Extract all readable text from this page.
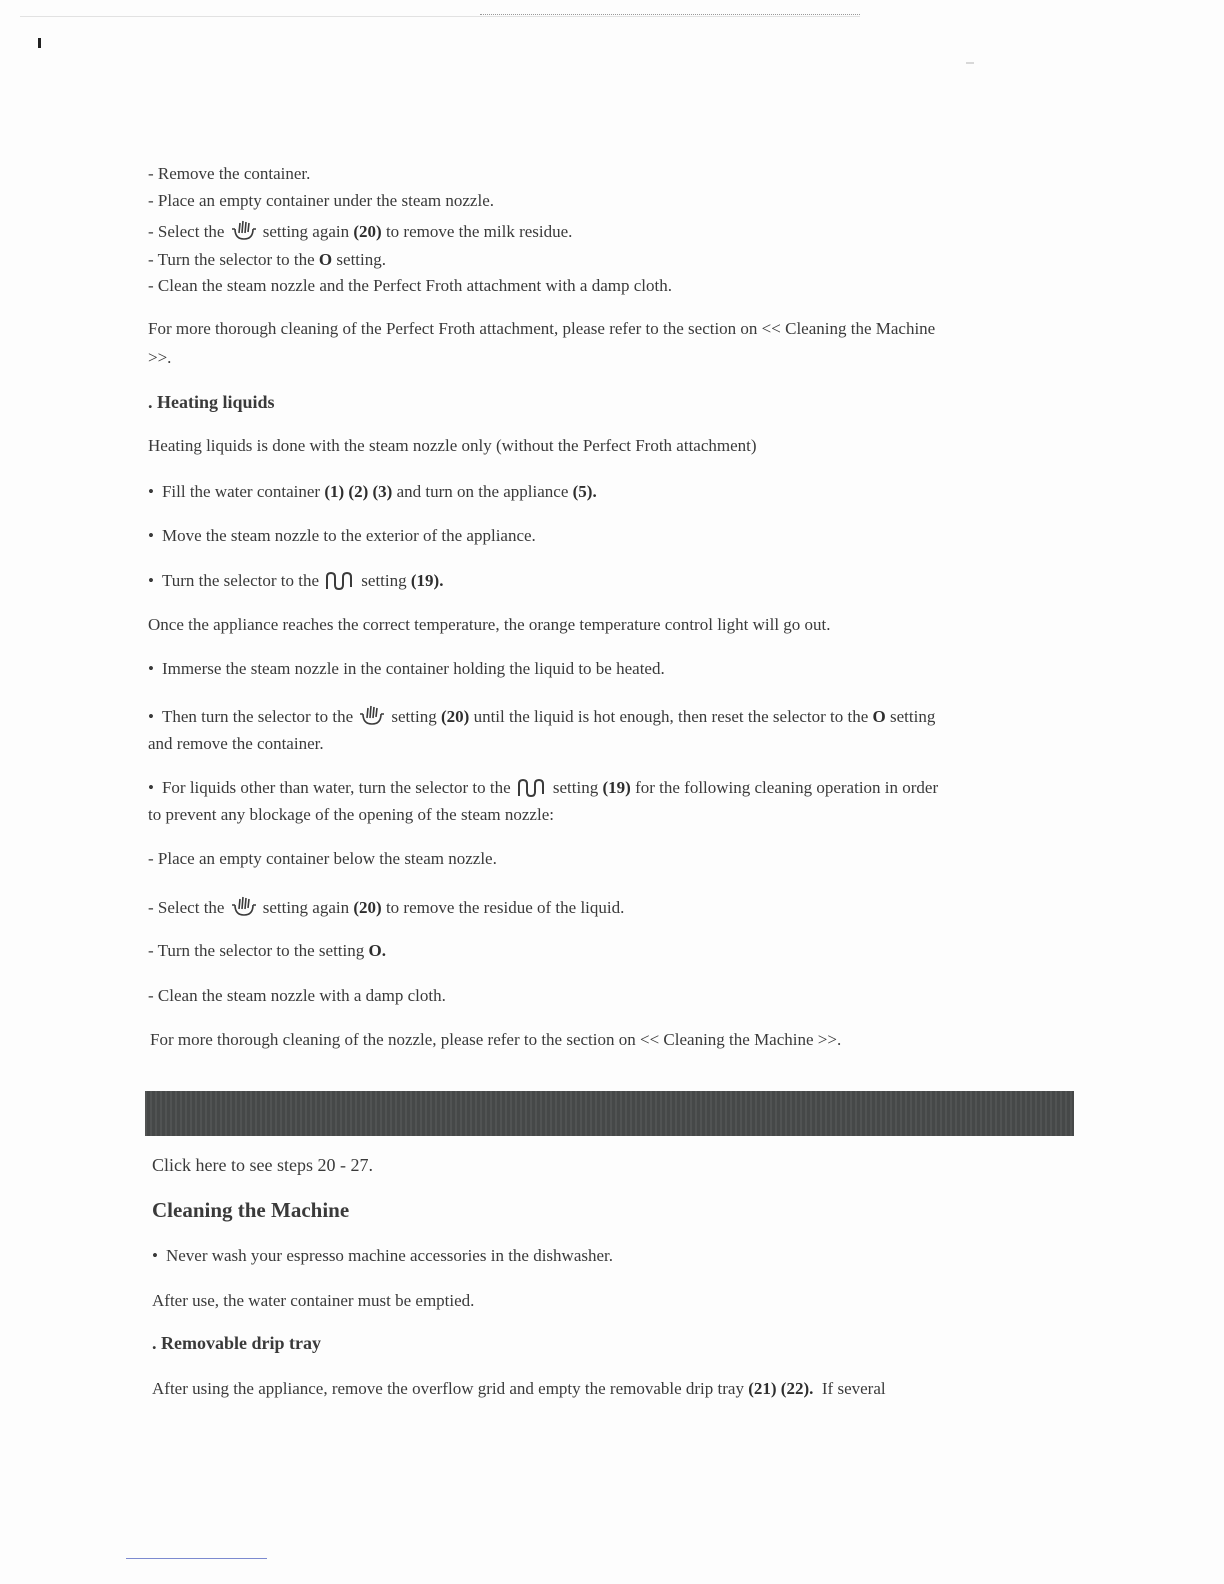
- Remove the container.

- Place an empty container under the steam nozzle.

- Select the setting again (20) to remove the milk residue.

- Turn the selector to the O setting.

- Clean the steam nozzle and the Perfect Froth attachment with a damp cloth.

For more thorough cleaning of the Perfect Froth attachment, please refer to the section on << Cleaning the Machine

>>.

. Heating liquids

Heating liquids is done with the steam nozzle only (without the Perfect Froth attachment)

• Fill the water container (1) (2) (3) and turn on the appliance (5).

• Move the steam nozzle to the exterior of the appliance.

• Turn the selector to the setting (19).

Once the appliance reaches the correct temperature, the orange temperature control light will go out.

• Immerse the steam nozzle in the container holding the liquid to be heated.

• Then turn the selector to the setting (20) until the liquid is hot enough, then reset the selector to the O setting

and remove the container.

• For liquids other than water, turn the selector to the setting (19) for the following cleaning operation in order

to prevent any blockage of the opening of the steam nozzle:

- Place an empty container below the steam nozzle.

- Select the setting again (20) to remove the residue of the liquid.

- Turn the selector to the setting O.

- Clean the steam nozzle with a damp cloth.

For more thorough cleaning of the nozzle, please refer to the section on << Cleaning the Machine >>.

Click here to see steps 20 - 27.

Cleaning the Machine

• Never wash your espresso machine accessories in the dishwasher.

After use, the water container must be emptied.

. Removable drip tray

After using the appliance, remove the overflow grid and empty the removable drip tray (21) (22). If several
